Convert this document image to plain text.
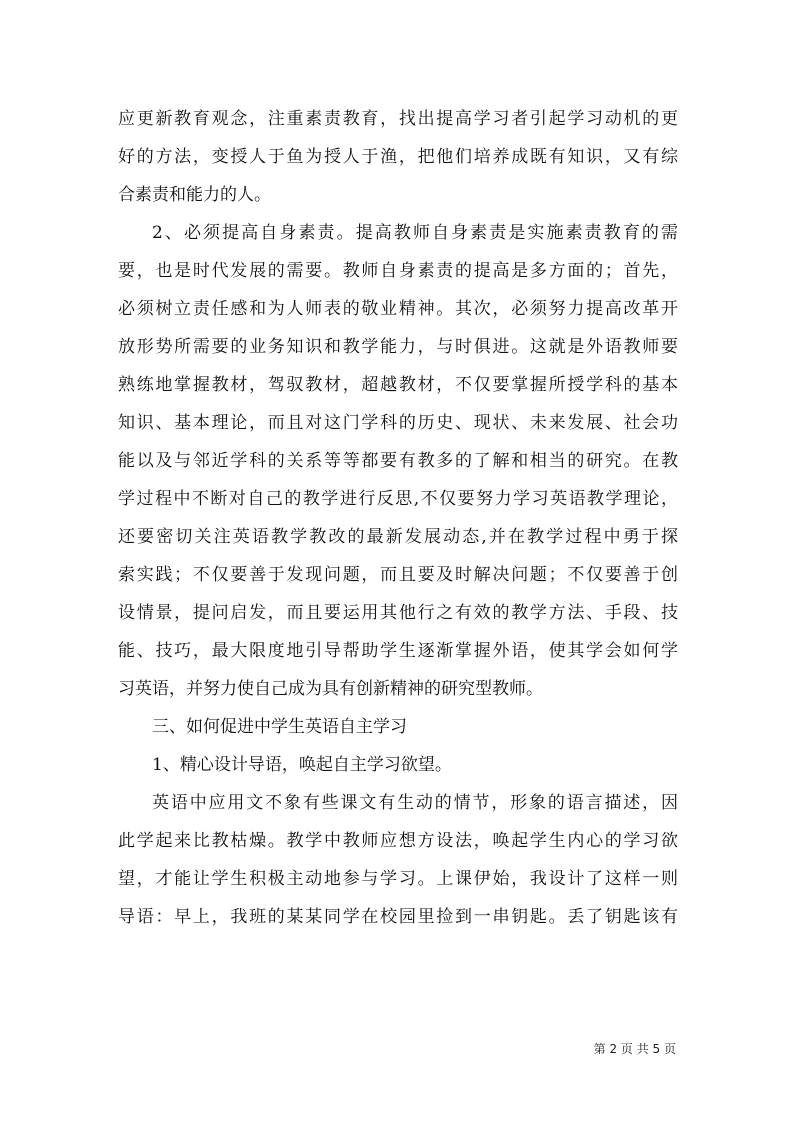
应更新教育观念，注重素责教育，找出提高学习者引起学习动机的更
好的方法，变授人于鱼为授人于渔，把他们培养成既有知识，又有综
合素责和能力的人。
2、必须提高自身素责。提高教师自身素责是实施素责教育的需
要，也是时代发展的需要。教师自身素责的提高是多方面的；首先，
必须树立责任感和为人师表的敬业精神。其次，必须努力提高改革开
放形势所需要的业务知识和教学能力，与时俱进。这就是外语教师要
熟练地掌握教材，驾驭教材，超越教材，不仅要掌握所授学科的基本
知识、基本理论，而且对这门学科的历史、现状、未来发展、社会功
能以及与邻近学科的关系等等都要有教多的了解和相当的研究。在教
学过程中不断对自己的教学进行反思,不仅要努力学习英语教学理论，
还要密切关注英语教学教改的最新发展动态,并在教学过程中勇于探
索实践；不仅要善于发现问题，而且要及时解决问题；不仅要善于创
设情景，提问启发，而且要运用其他行之有效的教学方法、手段、技
能、技巧，最大限度地引导帮助学生逐渐掌握外语，使其学会如何学
习英语，并努力使自己成为具有创新精神的研究型教师。
三、如何促进中学生英语自主学习
1、精心设计导语，唤起自主学习欲望。
英语中应用文不象有些课文有生动的情节，形象的语言描述，因
此学起来比教枯燥。教学中教师应想方设法，唤起学生内心的学习欲
望，才能让学生积极主动地参与学习。上课伊始，我设计了这样一则
导语：早上，我班的某某同学在校园里捡到一串钥匙。丢了钥匙该有
第 2 页 共 5 页
